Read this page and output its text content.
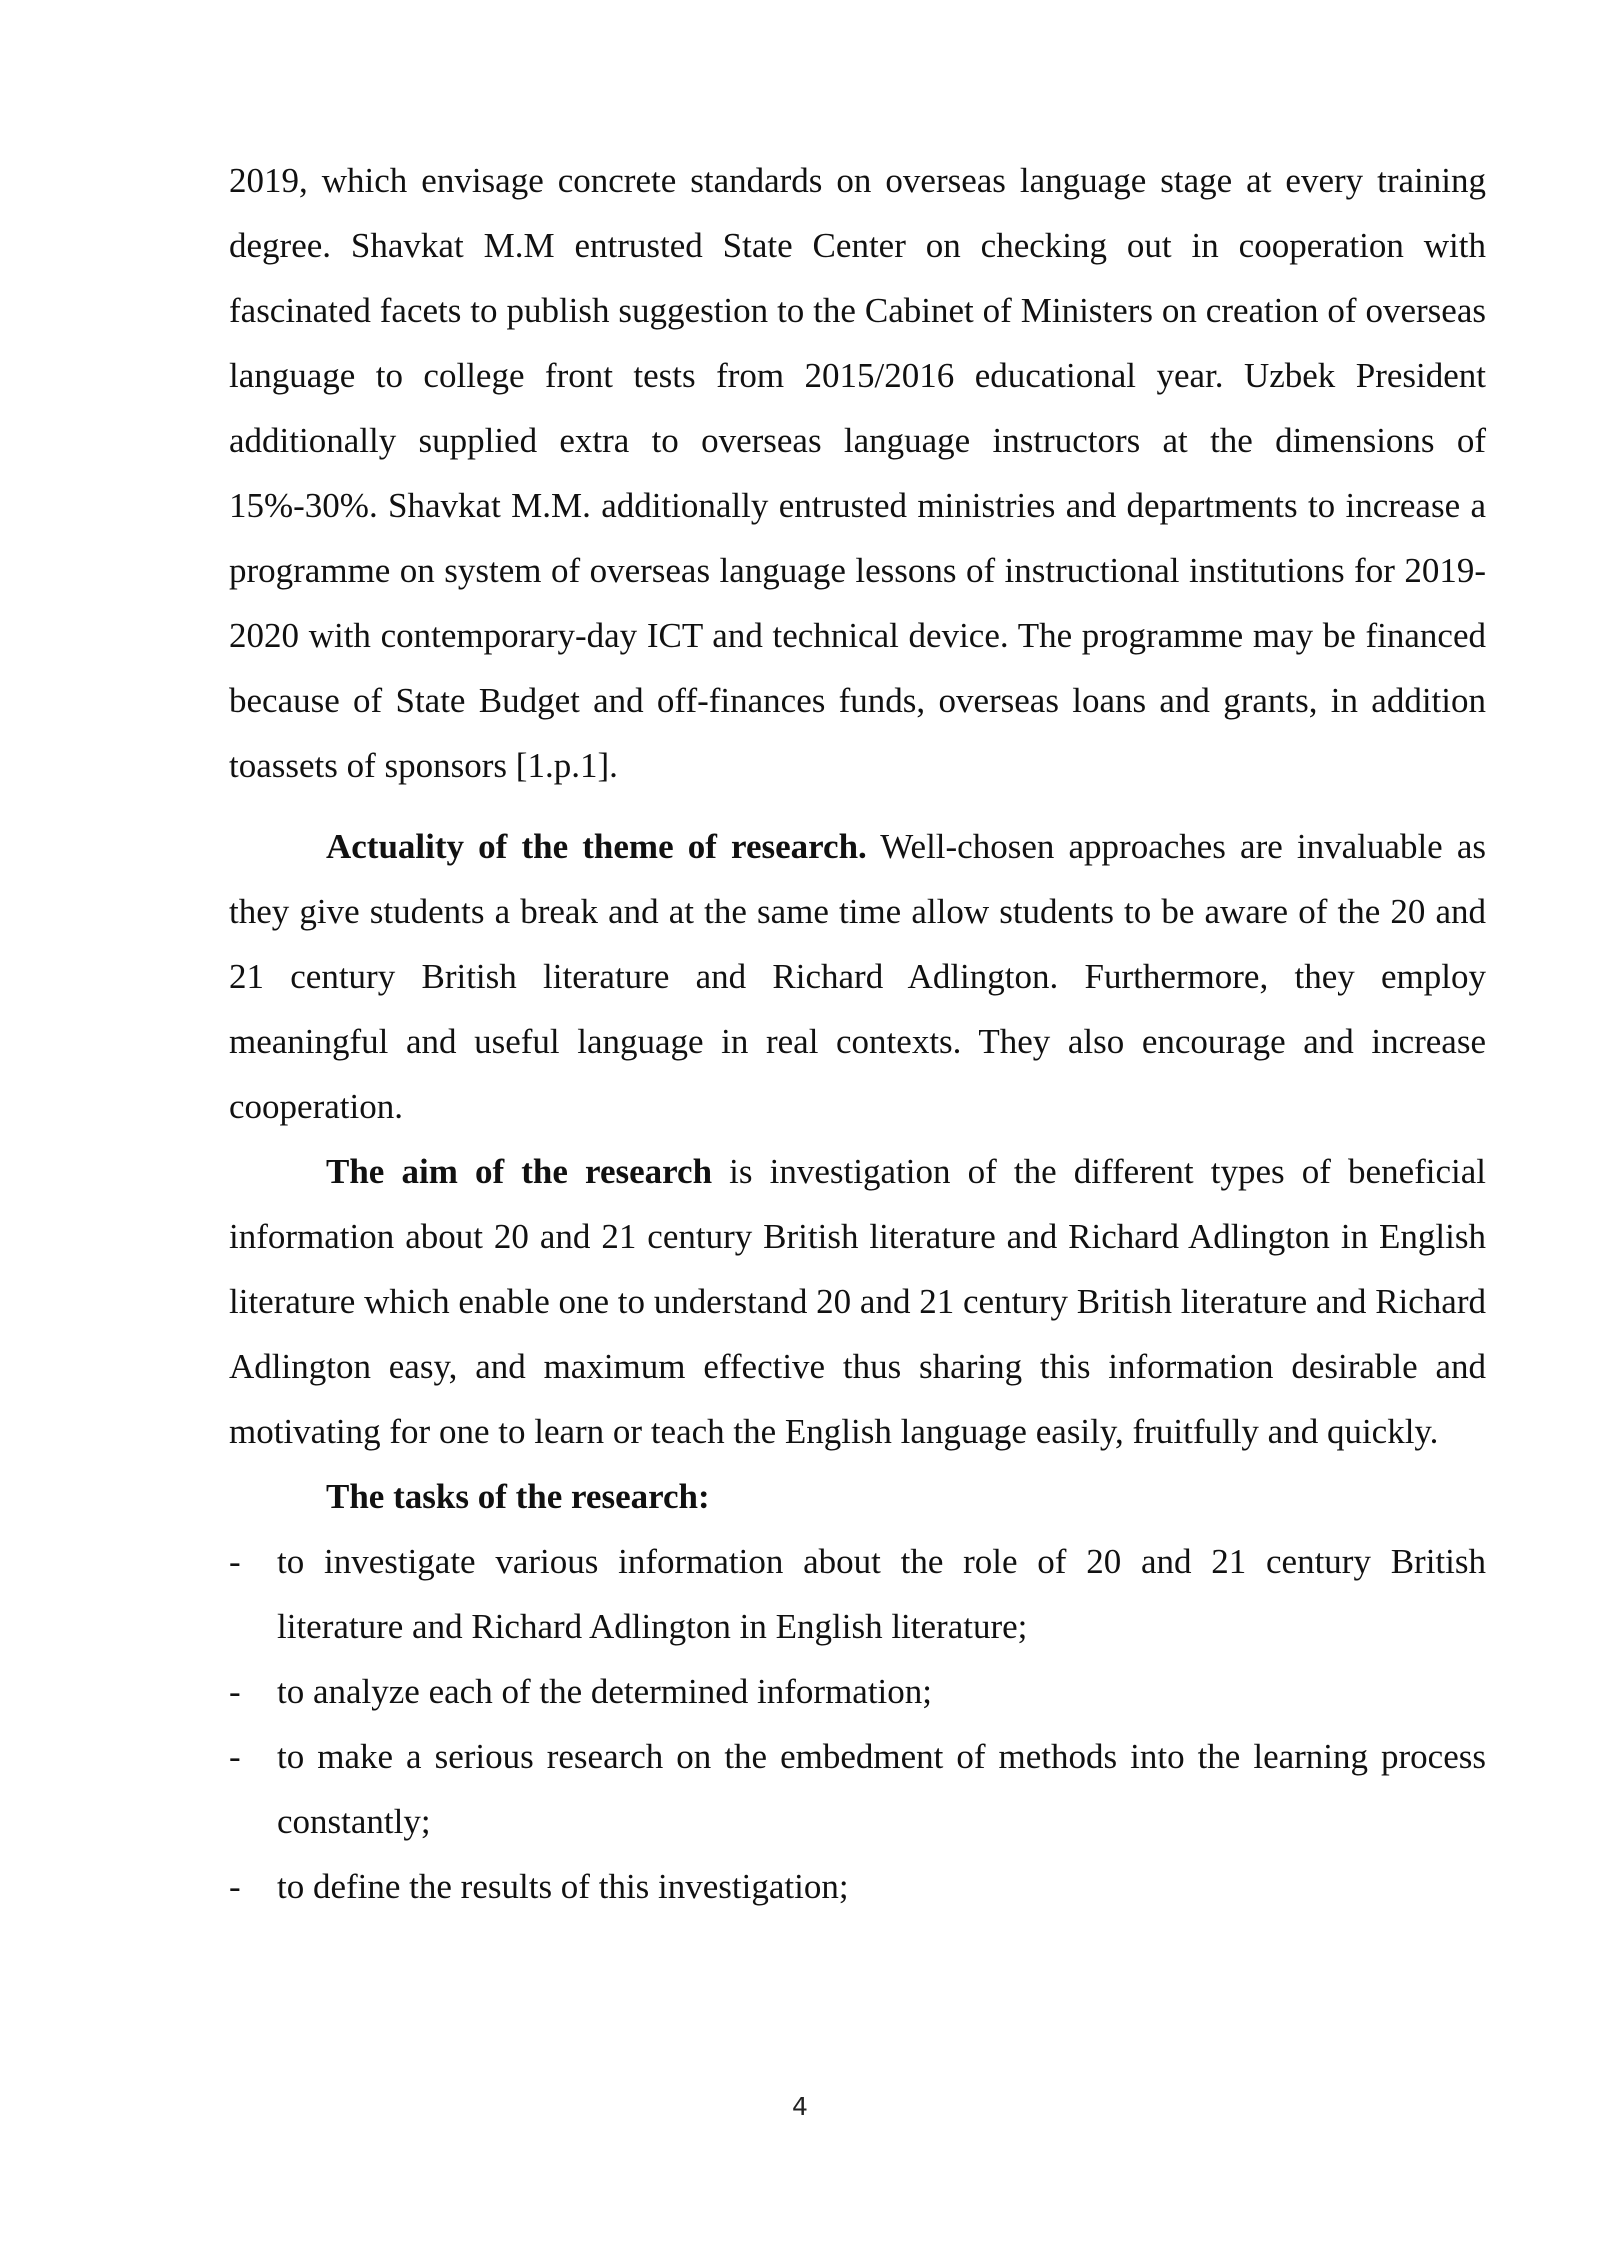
2019, which envisage concrete standards on overseas language stage at every training degree. Shavkat M.M entrusted State Center on checking out in cooperation with fascinated facets to publish suggestion to the Cabinet of Ministers on creation of overseas language to college front tests from 2015/2016 educational year. Uzbek President additionally supplied extra to overseas language instructors at the dimensions of 15%-30%. Shavkat M.M. additionally entrusted ministries and departments to increase a programme on system of overseas language lessons of instructional institutions for 2019-2020 with contemporary-day ICT and technical device. The programme may be financed because of State Budget and off-finances funds, overseas loans and grants, in addition toassets of sponsors [1.p.1].

Actuality of the theme of research. Well-chosen approaches are invaluable as they give students a break and at the same time allow students to be aware of the 20 and 21 century British literature and Richard Adlington. Furthermore, they employ meaningful and useful language in real contexts. They also encourage and increase cooperation.

The aim of the research is investigation of the different types of beneficial information about 20 and 21 century British literature and Richard Adlington in English literature which enable one to understand 20 and 21 century British literature and Richard Adlington easy, and maximum effective thus sharing this information desirable and motivating for one to learn or teach the English language easily, fruitfully and quickly.

The tasks of the research:

- to investigate various information about the role of 20 and 21 century British literature and Richard Adlington in English literature;
- to analyze each of the determined information;
- to make a serious research on the embedment of methods into the learning process constantly;
- to define the results of this investigation;
4
